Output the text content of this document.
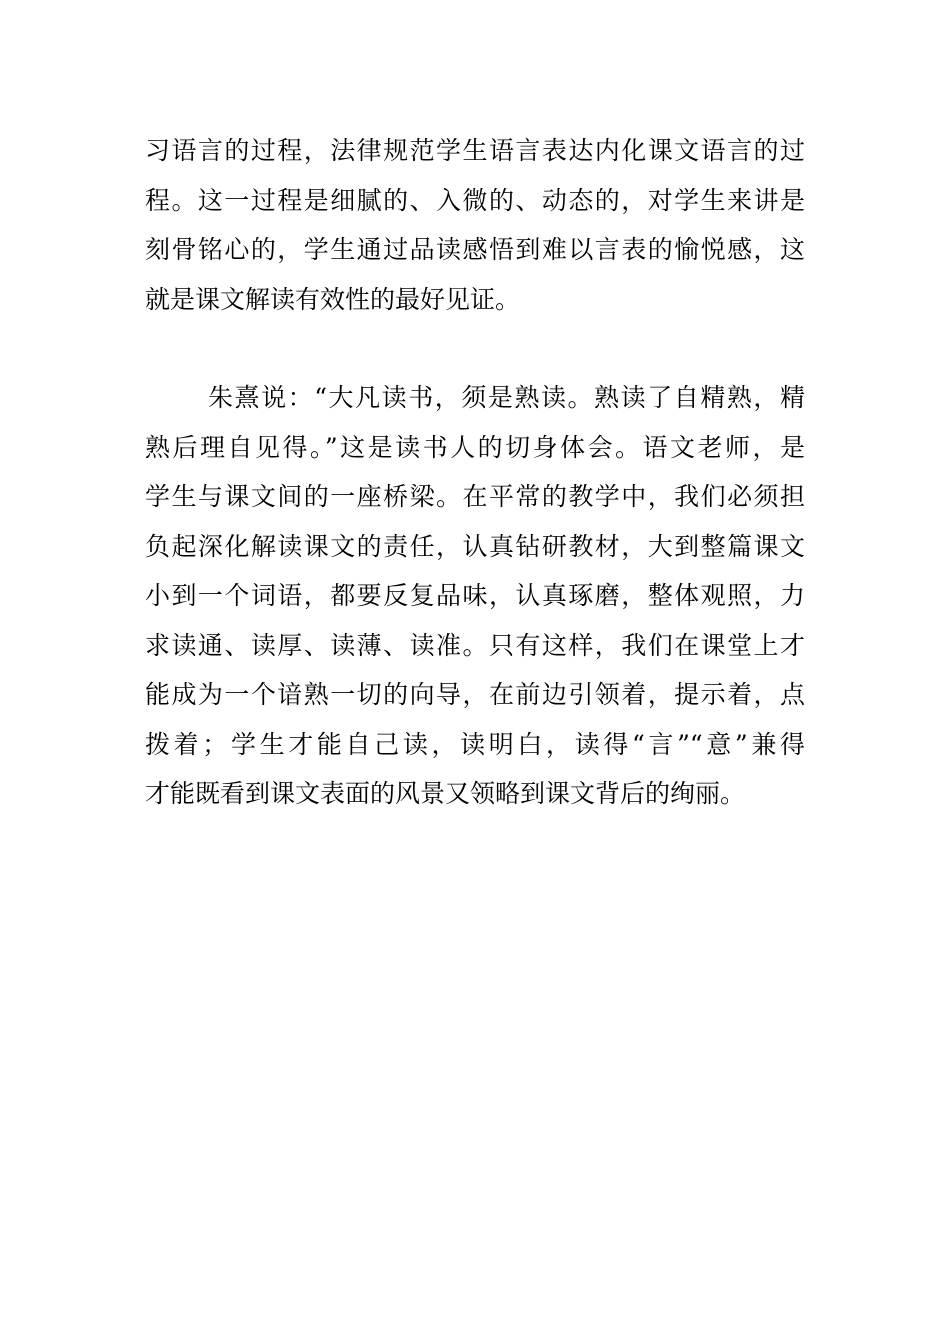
习语言的过程，法律规范学生语言表达内化课文语言的过
程。这一过程是细腻的、入微的、动态的，对学生来讲是
刻骨铭心的，学生通过品读感悟到难以言表的愉悦感，这
就是课文解读有效性的最好见证。
朱熹说：“大凡读书，须是熟读。熟读了自精熟，精
熟后理自见得。”这是读书人的切身体会。语文老师，是
学生与课文间的一座桥梁。在平常的教学中，我们必须担
负起深化解读课文的责任，认真钻研教材，大到整篇课文
小到一个词语，都要反复品味，认真琢磨，整体观照，力
求读通、读厚、读薄、读准。只有这样，我们在课堂上才
能成为一个谙熟一切的向导，在前边引领着，提示着，点
拨着；学生才能自己读，读明白，读得“言”“意”兼得
才能既看到课文表面的风景又领略到课文背后的绚丽。
